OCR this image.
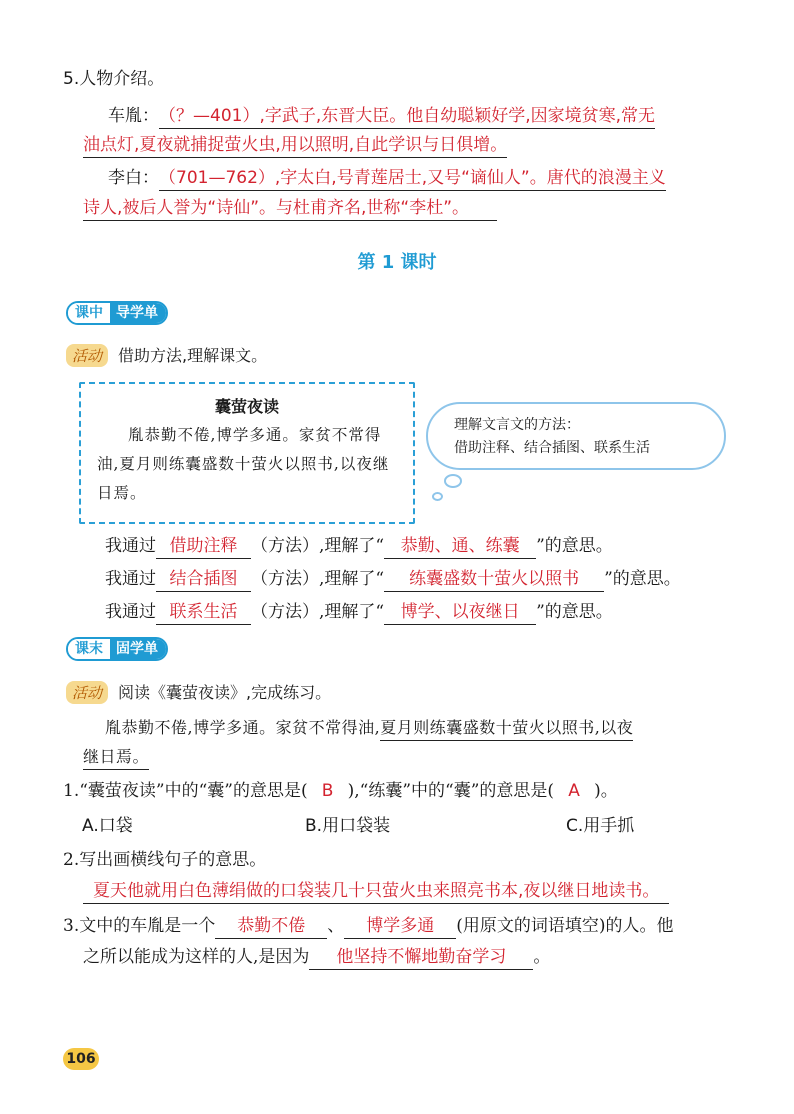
5.人物介绍。
车胤：（？—401）,字武子,东晋大臣。他自幼聪颖好学,因家境贫寒,常无
油点灯,夏夜就捕捉萤火虫,用以照明,自此学识与日俱增。
李白：（701—762）,字太白,号青莲居士,又号“谪仙人”。唐代的浪漫主义
诗人,被后人誉为“诗仙”。与杜甫齐名,世称“李杜”。
第 1 课时
课中 导学单
活动 借助方法,理解课文。
囊萤夜读
胤恭勤不倦,博学多通。家贫不常得油,夏月则练囊盛数十萤火以照书,以夜继日焉。
理解文言文的方法：
借助注释、结合插图、联系生活
我通过 借助注释 （方法）,理解了“ 恭勤、通、练囊 ”的意思。
我通过 结合插图 （方法）,理解了“ 练囊盛数十萤火以照书 ”的意思。
我通过 联系生活 （方法）,理解了“ 博学、以夜继日 ”的意思。
课末 固学单
活动 阅读《囊萤夜读》,完成练习。
胤恭勤不倦,博学多通。家贫不常得油,夏月则练囊盛数十萤火以照书,以夜
继日焉。
1.“囊萤夜读”中的“囊”的意思是( B ),“练囊”中的“囊”的意思是( A )。
A.口袋	B.用口袋装	C.用手抓
2.写出画横线句子的意思。
夏天他就用白色薄绢做的口袋装几十只萤火虫来照亮书本,夜以继日地读书。
3.文中的车胤是一个 恭勤不倦 、 博学多通 (用原文的词语填空)的人。他
之所以能成为这样的人,是因为 他坚持不懈地勤奋学习 。
106
